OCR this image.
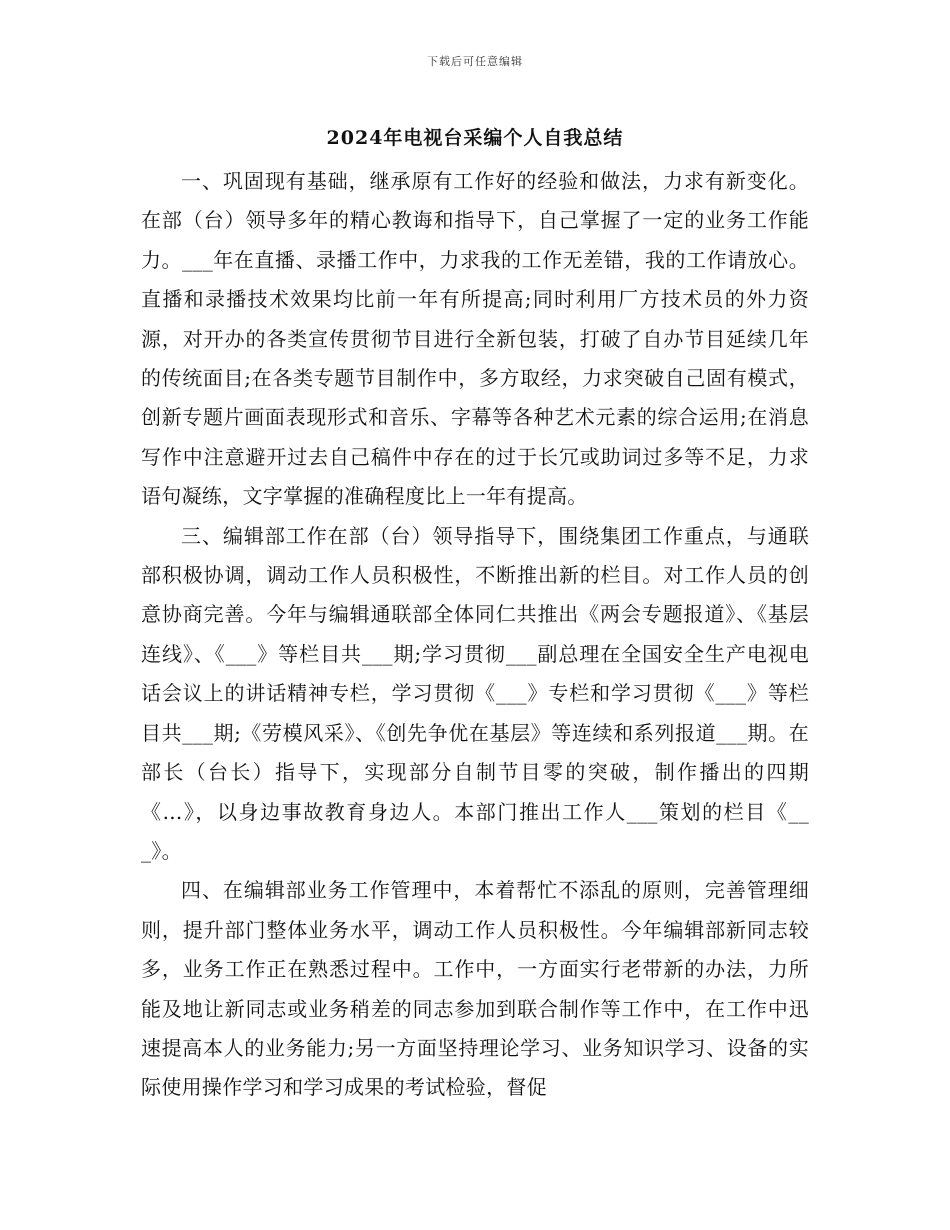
下载后可任意编辑
2024年电视台采编个人自我总结

一、巩固现有基础，继承原有工作好的经验和做法，力求有新变化。在部（台）领导多年的精心教诲和指导下，自己掌握了一定的业务工作能力。___年在直播、录播工作中，力求我的工作无差错，我的工作请放心。直播和录播技术效果均比前一年有所提高;同时利用厂方技术员的外力资源，对开办的各类宣传贯彻节目进行全新包装，打破了自办节目延续几年的传统面目;在各类专题节目制作中，多方取经，力求突破自己固有模式，创新专题片画面表现形式和音乐、字幕等各种艺术元素的综合运用;在消息写作中注意避开过去自己稿件中存在的过于长冗或助词过多等不足，力求语句凝练，文字掌握的准确程度比上一年有提高。

三、编辑部工作在部（台）领导指导下，围绕集团工作重点，与通联部积极协调，调动工作人员积极性，不断推出新的栏目。对工作人员的创意协商完善。今年与编辑通联部全体同仁共推出《两会专题报道》、《基层连线》、《___》等栏目共___期;学习贯彻___副总理在全国安全生产电视电话会议上的讲话精神专栏，学习贯彻《___》专栏和学习贯彻《___》等栏目共___期;《劳模风采》、《创先争优在基层》等连续和系列报道___期。在部长（台长）指导下，实现部分自制节目零的突破，制作播出的四期《...》，以身边事故教育身边人。本部门推出工作人___策划的栏目《___》。

四、在编辑部业务工作管理中，本着帮忙不添乱的原则，完善管理细则，提升部门整体业务水平，调动工作人员积极性。今年编辑部新同志较多，业务工作正在熟悉过程中。工作中，一方面实行老带新的办法，力所能及地让新同志或业务稍差的同志参加到联合制作等工作中，在工作中迅速提高本人的业务能力;另一方面坚持理论学习、业务知识学习、设备的实际使用操作学习和学习成果的考试检验，督促
